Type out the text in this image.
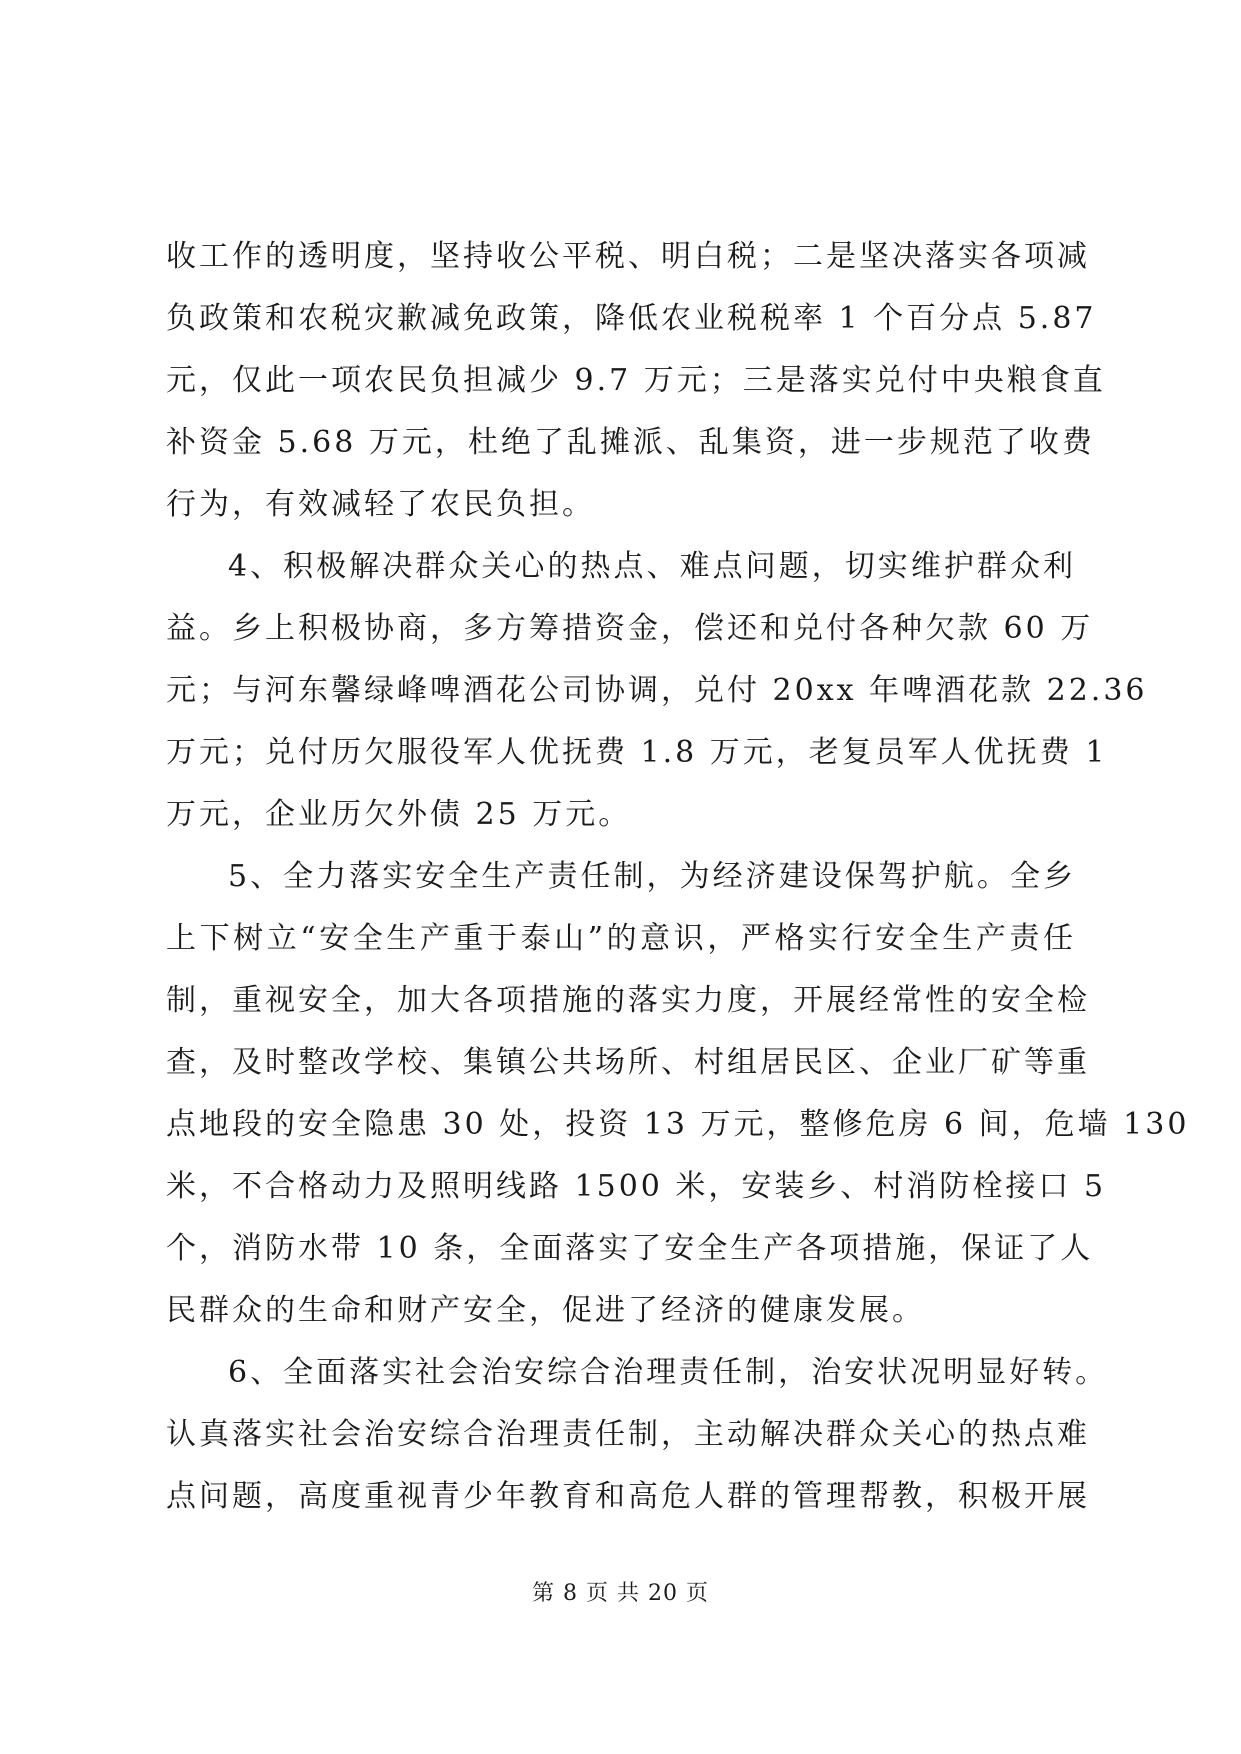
收工作的透明度，坚持收公平税、明白税；二是坚决落实各项减
负政策和农税灾歉减免政策，降低农业税税率 1 个百分点 5.87
元，仅此一项农民负担减少 9.7 万元；三是落实兑付中央粮食直
补资金 5.68 万元，杜绝了乱摊派、乱集资，进一步规范了收费
行为，有效减轻了农民负担。
4、积极解决群众关心的热点、难点问题，切实维护群众利
益。乡上积极协商，多方筹措资金，偿还和兑付各种欠款 60 万
元；与河东馨绿峰啤酒花公司协调，兑付 20xx 年啤酒花款 22.36
万元；兑付历欠服役军人优抚费 1.8 万元，老复员军人优抚费 1
万元，企业历欠外债 25 万元。
5、全力落实安全生产责任制，为经济建设保驾护航。全乡
上下树立“安全生产重于泰山”的意识，严格实行安全生产责任
制，重视安全，加大各项措施的落实力度，开展经常性的安全检
查，及时整改学校、集镇公共场所、村组居民区、企业厂矿等重
点地段的安全隐患 30 处，投资 13 万元，整修危房 6 间，危墙 130
米，不合格动力及照明线路 1500 米，安装乡、村消防栓接口 5
个，消防水带 10 条，全面落实了安全生产各项措施，保证了人
民群众的生命和财产安全，促进了经济的健康发展。
6、全面落实社会治安综合治理责任制，治安状况明显好转。
认真落实社会治安综合治理责任制，主动解决群众关心的热点难
点问题，高度重视青少年教育和高危人群的管理帮教，积极开展
第 8 页 共 20 页
